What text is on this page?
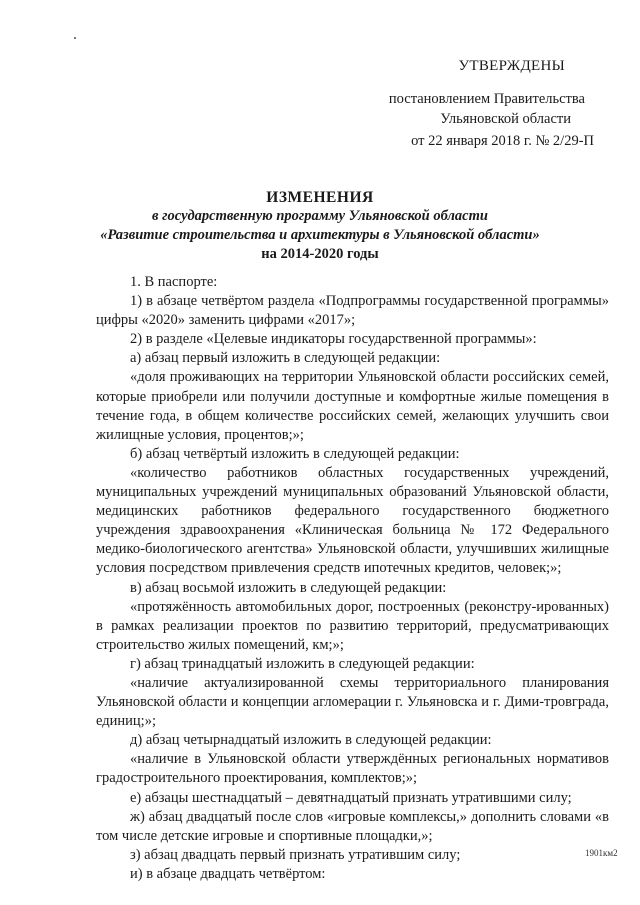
УТВЕРЖДЕНЫ
постановлением Правительства
Ульяновской области
от 22 января 2018 г. № 2/29-П
ИЗМЕНЕНИЯ
в государственную программу Ульяновской области
«Развитие строительства и архитектуры в Ульяновской области»
на 2014-2020 годы

1. В паспорте:

1) в абзаце четвёртом раздела «Подпрограммы государственной программы» цифры «2020» заменить цифрами «2017»;

2) в разделе «Целевые индикаторы государственной программы»:

а) абзац первый изложить в следующей редакции:

«доля проживающих на территории Ульяновской области российских семей, которые приобрели или получили доступные и комфортные жилые помещения в течение года, в общем количестве российских семей, желающих улучшить свои жилищные условия, процентов;»;

б) абзац четвёртый изложить в следующей редакции:

«количество работников областных государственных учреждений, муниципальных учреждений муниципальных образований Ульяновской области, медицинских работников федерального государственного бюджетного учреждения здравоохранения «Клиническая больница № 172 Федерального медико-биологического агентства» Ульяновской области, улучшивших жилищные условия посредством привлечения средств ипотечных кредитов, человек;»;

в) абзац восьмой изложить в следующей редакции:

«протяжённость автомобильных дорог, построенных (реконстру-ированных) в рамках реализации проектов по развитию территорий, предусматривающих строительство жилых помещений, км;»;

г) абзац тринадцатый изложить в следующей редакции:

«наличие актуализированной схемы территориального планирования Ульяновской области и концепции агломерации г. Ульяновска и г. Дими-тровграда, единиц;»;

д) абзац четырнадцатый изложить в следующей редакции:

«наличие в Ульяновской области утверждённых региональных нормативов градостроительного проектирования, комплектов;»;

е) абзацы шестнадцатый – девятнадцатый признать утратившими силу;

ж) абзац двадцатый после слов «игровые комплексы,» дополнить словами «в том числе детские игровые и спортивные площадки,»;

з) абзац двадцать первый признать утратившим силу;

и) в абзаце двадцать четвёртом:

1901км2
